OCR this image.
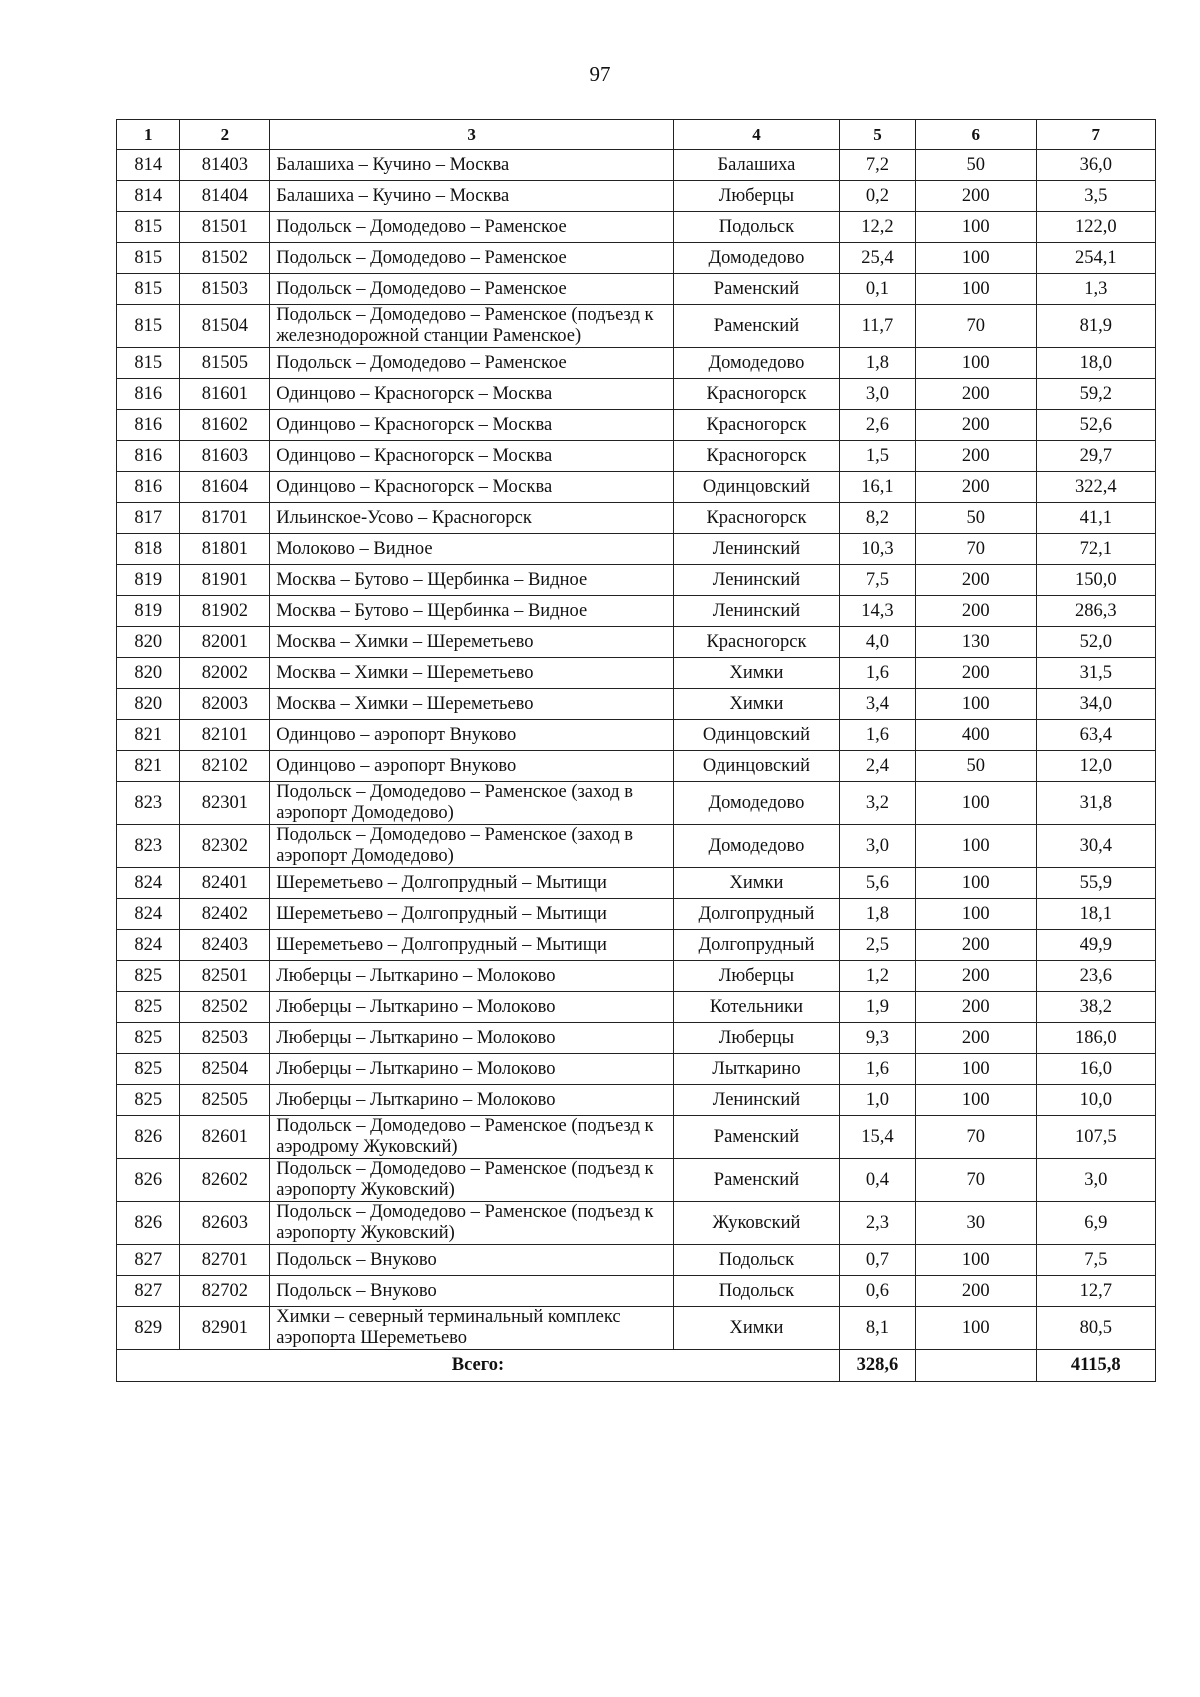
97
1	2	3	4	5	6	7
814	81403	Балашиха – Кучино – Москва	Балашиха	7,2	50	36,0
814	81404	Балашиха – Кучино – Москва	Люберцы	0,2	200	3,5
815	81501	Подольск – Домодедово – Раменское	Подольск	12,2	100	122,0
815	81502	Подольск – Домодедово – Раменское	Домодедово	25,4	100	254,1
815	81503	Подольск – Домодедово – Раменское	Раменский	0,1	100	1,3
815	81504	Подольск – Домодедово – Раменское (подъезд к железнодорожной станции Раменское)	Раменский	11,7	70	81,9
815	81505	Подольск – Домодедово – Раменское	Домодедово	1,8	100	18,0
816	81601	Одинцово – Красногорск – Москва	Красногорск	3,0	200	59,2
816	81602	Одинцово – Красногорск – Москва	Красногорск	2,6	200	52,6
816	81603	Одинцово – Красногорск – Москва	Красногорск	1,5	200	29,7
816	81604	Одинцово – Красногорск – Москва	Одинцовский	16,1	200	322,4
817	81701	Ильинское-Усово – Красногорск	Красногорск	8,2	50	41,1
818	81801	Молоково – Видное	Ленинский	10,3	70	72,1
819	81901	Москва – Бутово – Щербинка – Видное	Ленинский	7,5	200	150,0
819	81902	Москва – Бутово – Щербинка – Видное	Ленинский	14,3	200	286,3
820	82001	Москва – Химки – Шереметьево	Красногорск	4,0	130	52,0
820	82002	Москва – Химки – Шереметьево	Химки	1,6	200	31,5
820	82003	Москва – Химки – Шереметьево	Химки	3,4	100	34,0
821	82101	Одинцово – аэропорт Внуково	Одинцовский	1,6	400	63,4
821	82102	Одинцово – аэропорт Внуково	Одинцовский	2,4	50	12,0
823	82301	Подольск – Домодедово – Раменское (заход в аэропорт Домодедово)	Домодедово	3,2	100	31,8
823	82302	Подольск – Домодедово – Раменское (заход в аэропорт Домодедово)	Домодедово	3,0	100	30,4
824	82401	Шереметьево – Долгопрудный – Мытищи	Химки	5,6	100	55,9
824	82402	Шереметьево – Долгопрудный – Мытищи	Долгопрудный	1,8	100	18,1
824	82403	Шереметьево – Долгопрудный – Мытищи	Долгопрудный	2,5	200	49,9
825	82501	Люберцы – Лыткарино – Молоково	Люберцы	1,2	200	23,6
825	82502	Люберцы – Лыткарино – Молоково	Котельники	1,9	200	38,2
825	82503	Люберцы – Лыткарино – Молоково	Люберцы	9,3	200	186,0
825	82504	Люберцы – Лыткарино – Молоково	Лыткарино	1,6	100	16,0
825	82505	Люберцы – Лыткарино – Молоково	Ленинский	1,0	100	10,0
826	82601	Подольск – Домодедово – Раменское (подъезд к аэродрому Жуковский)	Раменский	15,4	70	107,5
826	82602	Подольск – Домодедово – Раменское (подъезд к аэропорту Жуковский)	Раменский	0,4	70	3,0
826	82603	Подольск – Домодедово – Раменское (подъезд к аэропорту Жуковский)	Жуковский	2,3	30	6,9
827	82701	Подольск – Внуково	Подольск	0,7	100	7,5
827	82702	Подольск – Внуково	Подольск	0,6	200	12,7
829	82901	Химки – северный терминальный комплекс аэропорта Шереметьево	Химки	8,1	100	80,5
Всего:				328,6		4115,8
